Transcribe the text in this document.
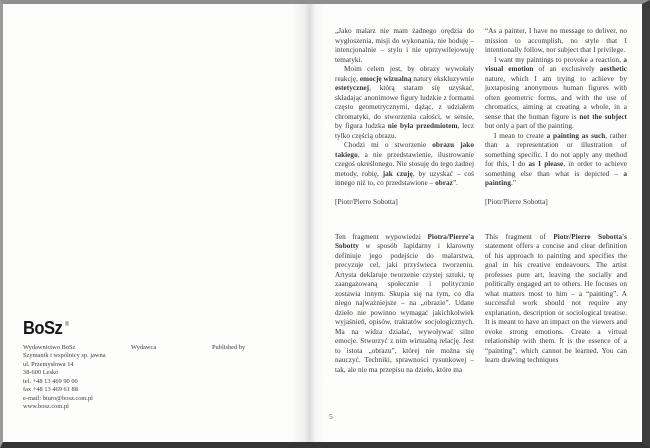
BoSz ®
Wydawnictwo BoSz
Szymanik i wspólnicy sp. jawna
ul. Przemysłowa 14
38-600 Lesko
tel. +48 13 469 90 00
fax +48 13 469 61 88
e-mail: biuro@bosz.com.pl
www.bosz.com.pl
Wydawca	Published by

„Jako malarz nie mam żadnego orędzia do wygłoszenia, misji do wykonania, nie hoduję – intencjonalnie – stylu i nie uprzywilejowuję tematyki.

Moim celem jest, by obrazy wywołały reakcję, emocję wizualną natury ekskluzywnie estetycznej, którą staram się uzyskać, składając anonimowe figury ludzkie z formami często geometrycznymi, dążąc, z udziałem chromatyki, do stworzenia całości, w sensie, by figura ludzka nie była przedmiotem, lecz tylko częścią obrazu.

Chodzi mi o stworzenie obrazu jako takiego, a nie przedstawienie, ilustrowanie czegoś określonego. Nie stosuję do tego żadnej metody, robię, jak czuję, by uzyskać – coś innego niż to, co przedstawione – obraz”.

[Piotr/Pierre Sobotta]

Ten fragment wypowiedzi Piotra/Pierre'a Sobotty w sposób lapidarny i klarowny definiuje jego podejście do malarstwa, precyzuje cel, jaki przyświeca tworzeniu. Artysta deklaruje tworzenie czystej sztuki, tę zaangażowaną społecznie i politycznie zostawia innym. Skupia się na tym, co dla niego najważniejsze – na „obrazie”. Udane dzieło nie powinno wymagać jakichkolwiek wyjaśnień, opisów, traktatów socjologicznych. Ma na widza działać, wywoływać silne emocje. Stworzyć z nim wirtualną relację. Jest to istota „obrazu”, której nie można się nauczyć. Techniki, sprawności rysunkowej – tak, ale nie ma przepisu na dzieło, które ma

“As a painter, I have no message to deliver, no mission to accomplish, no style that I intentionally follow, nor subject that I privilege.

I want my paintings to provoke a reaction, a visual emotion of an exclusively aesthetic nature, which I am trying to achieve by juxtaposing anonymous human figures with often geometric forms, and with the use of chromatics, aiming at creating a whole, in a sense that the human figure is not the subject but only a part of the painting.

I mean to create a painting as such, rather than a representation or illustration of something specific. I do not apply any method for this, I do as I please, in order to achieve something else than what is depicted – a painting.”

[Piotr/Pierre Sobotta]

This fragment of Piotr/Pierre Sobotta's statement offers a concise and clear definition of his approach to painting and specifies the goal in his creative endeavours. The artist professes pure art, leaving the socially and politically engaged art to others. He focuses on what matters most to him – a “painting”. A successful work should not require any explanation, description or sociological treatise. It is meant to have an impact on the viewers and evoke strong emotions. Create a virtual relationship with them. It is the essence of a “painting”, which cannot be learned. You can learn drawing techniques

5
